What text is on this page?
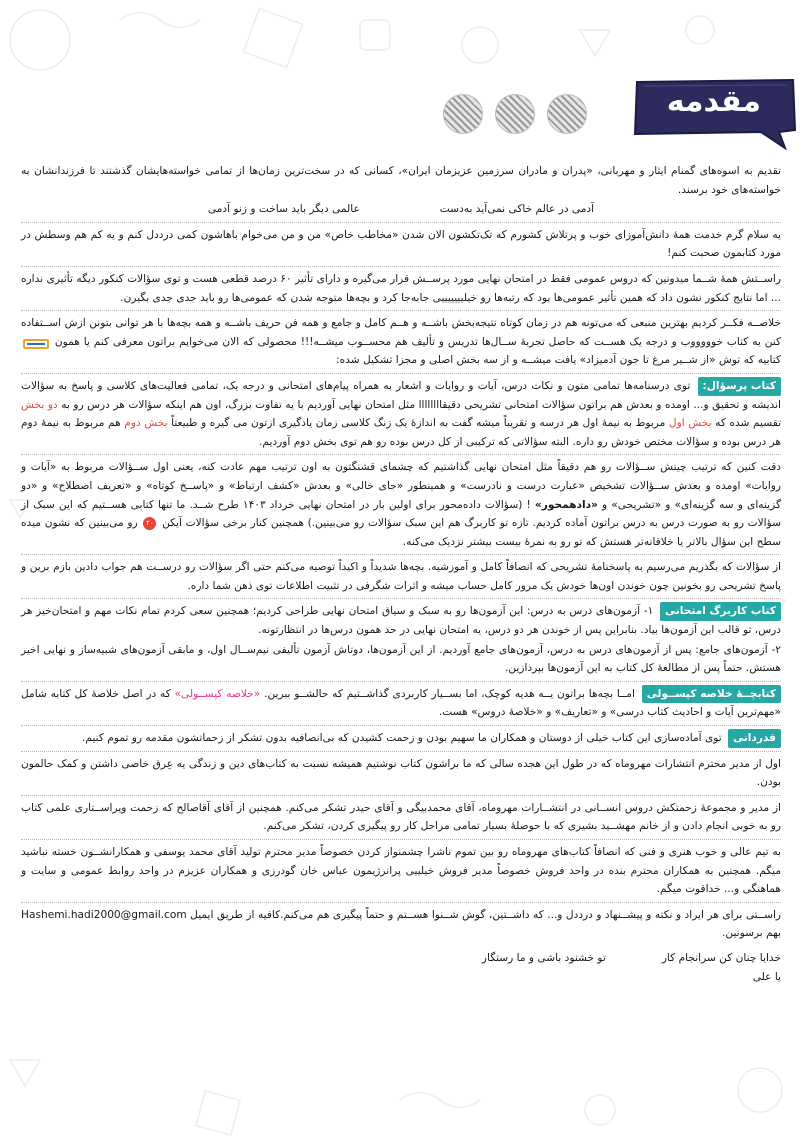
مقدمه

تقدیم به اسوه‌های گمنام ایثار و مهربانی، «پدران و مادران سرزمین عزیزمان ایران»، کسانی که در سخت‌ترین زمان‌ها از تمامی خواسته‌هایشان گذشتند تا فرزندانشان به خواسته‌های خود برسند.

آدمی در عالم خاکی نمی‌آید به‌دست
عالمی دیگر باید ساخت و زنو آدمی

یه سلام گرم خدمت همهٔ دانش‌آموزای خوب و پرتلاش کشورم که تک‌تکشون الان شدن «مخاطب خاص» من و من می‌خوام باهاشون کمی درددل کنم و یه کم هم وسطش در مورد کتابمون صحبت کنم!

راســتش همهٔ شــما میدونین که دروس عمومی فقط در امتحان نهایی مورد پرســش قرار می‌گیره و دارای تأثیر ۶۰ درصد قطعی هست و توی سؤالات کنکور دیگه تأثیری نداره ... اما نتایج کنکور نشون داد که همین تأثیر عمومی‌ها بود که رتبه‌ها رو خیلیییییییی جابه‌جا کرد و بچه‌ها متوجه شدن که عمومی‌ها رو باید جدی جدی بگیرن.

خلاصــه فکــر کردیم بهترین منبعی که می‌تونه هم در زمان کوتاه نتیجه‌بخش باشــه و هــم کامل و جامع و همه فن حریف باشــه و همه بچه‌ها با هر توانی بتونن ازش اســتفاده کنن یه کتاب خوووووب و درجه یک هســت که حاصل تجربهٔ ســال‌ها تدریس و تألیف هم محســوب میشــه!!! محصولی که الان می‌خوایم براتون معرفی کنم یا همون  کتابیه که توش «از شــیر مرغ تا جون آدمیزاد» یافت میشــه و از سه بخش اصلی و مجزا تشکیل شده:

کتاب پرسؤال: توی درسنامه‌ها تمامی متون و نکات درس، آیات و روایات و اشعار به همراه پیام‌های امتحانی و درجه یک، تمامی فعالیت‌های کلاسی و پاسخ به سؤالات اندیشه و تحقیق و... اومده و بعدش هم براتون سؤالات امتحانی تشریحی دقیقاااااااا مثل امتحان نهایی آوردیم با یه تفاوت بزرگ، اون هم اینکه سؤالات هر درس رو به دو بخش تقسیم شده که بخش اول مربوط به نیمهٔ اول هر درسه و تقریباً میشه گفت به اندازهٔ یک زنگ کلاسی زمان یادگیری ازتون می گیره و طبیعتاً بخش دوم هم مربوط به نیمهٔ دوم هر درس بوده و سؤالات مختص خودش رو داره. البته سؤالاتی که ترکیبی از کل درس بوده رو هم توی بخش دوم آوردیم.

دقت کنین که ترتیب چینش ســؤالات رو هم دقیقاً مثل امتحان نهایی گذاشتیم که چشمای قشنگتون به اون ترتیب مهم عادت کنه، یعنی اول ســؤالات مربوط به «آیات و روایات» اومده و بعدش ســؤالات تشخیص «عبارت درست و نادرست» و همینطور «جای خالی» و بعدش «کشف ارتباط» و «پاســخ کوتاه» و «تعریف اصطلاح» و «دو گزینه‌ای و سه گزینه‌ای» و «تشریحی» و «دادهمحور» ! (سؤالات داده‌محور برای اولین بار در امتحان نهایی خرداد ۱۴۰۳ طرح شــد. ما تنها کتابی هســتیم که این سبک از سؤالات رو به صورت درس به درس براتون آماده کردیم. تازه تو کاربرگ هم این سبک سؤالات رو می‌بینین.) همچنین کنار برخی سؤالات آیکن ۲۰ رو می‌بینین که نشون میده سطح این سؤال بالاتر یا خلاقانه‌تر هستش که تو رو به نمرهٔ بیست بیشتر نزدیک می‌کنه.

از سؤالات که بگذریم می‌رسیم به پاسخنامهٔ تشریحی که انصافاً کامل و آموزشیه. بچه‌ها شدیداً و اکیداً توصیه می‌کنم حتی اگر سؤالات رو درســت هم جواب دادین بازم برین و پاسخ تشریحی رو بخونین چون خوندن اون‌ها خودش یک مرور کامل حساب میشه و اثرات شگرفی در تثبیت اطلاعات توی ذهن شما داره.

کتاب کاربرگ امتحانی ۱- آزمون‌های درس به درس: این آزمون‌ها رو به سبک و سیاق امتحان نهایی طراحی کردیم؛ همچنین سعی کردم تمام نکات مهم و امتحان‌خیز هر درس، تو قالب این آزمون‌ها بیاد. بنابراین پس از خوندن هر دو درس، یه امتحان نهایی در حد همون درس‌ها در انتظارتونه.

۲- آزمون‌های جامع: پس از آزمون‌های درس به درس، آزمون‌های جامع آوردیم. از این آزمون‌ها، دوتاش آزمون تألیفی نیم‌ســال اول، و مابقی آزمون‌های شبیه‌ساز و نهایی اخیر هستش. حتماً پس از مطالعهٔ کل کتاب به این آزمون‌ها بپردازین.

کتابچــهٔ خلاصه کپســولی امــا بچه‌ها براتون یــه هدیه کوچک، اما بســیار کاربردی گذاشــتیم که حالشــو ببرین. «خلاصه کپســولی» که در اصل خلاصهٔ کل کتابه شامل «مهم‌ترین آیات و احادیث کتاب درسی» و «تعاریف» و «خلاصهٔ دروس» هست.

قدردانی توی آماده‌سازی این کتاب خیلی از دوستان و همکاران ما سهیم بودن و زحمت کشیدن که بی‌انصافیه بدون تشکر از زحماتشون مقدمه رو تموم کنیم.

اول از مدیر محترم انتشارات مهروماه که در طول این هجده سالی که ما براشون کتاب نوشتیم همیشه نسبت به کتاب‌های دین و زندگی یه عِرق خاصی داشتن و کمک حالمون بودن.

از مدیر و مجموعهٔ زحمتکش دروس انســانی در انتشــارات مهروماه، آقای محمدبیگی و آقای حیدر تشکر می‌کنم. همچنین از آقای آقاصالح که زحمت ویراســتاری علمی کتاب رو به خوبی انجام دادن و از خانم مهشــید بشیری که با حوصلهٔ بسیار تمامی مراحل کار رو پیگیری کردن، تشکر می‌کنم.

به تیم عالی و خوب هنری و فنی که انصافاً کتاب‌های مهروماه رو بین تموم ناشرا چشمنواز کردن خصوصاً مدیر محترم تولید آقای محمد یوسفی و همکارانشــون خسته نباشید میگم. همچنین به همکاران محترم بنده در واحد فروش خصوصاً مدیر فروش خیلییی پرانرژیمون عباس خان گودرزی و همکاران عزیزم در واحد روابط عمومی و سایت و هماهنگی و... خداقوت میگم.

راســتی برای هر ایراد و نکته و پیشــنهاد و درددل و... که داشــتین، گوش شــنوا هســتم و حتماً پیگیری هم می‌کنم.کافیه از طریق ایمیل Hashemi.hadi2000@gmail.com بهم برسونین.

خدایا چنان کن سرانجام کار
تو خشنود باشی و ما رستگار
یا علی
